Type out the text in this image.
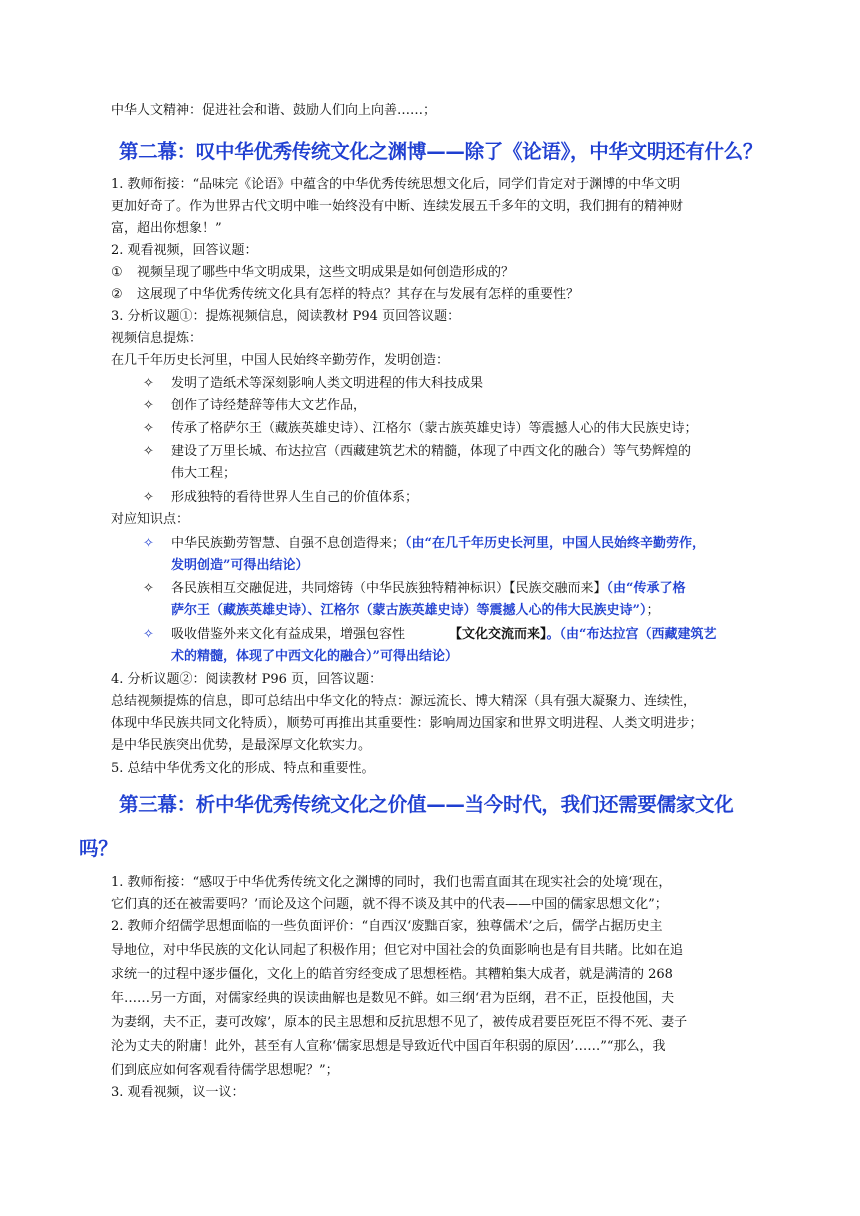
中华人文精神：促进社会和谐、鼓励人们向上向善……；
第二幕：叹中华优秀传统文化之渊博——除了《论语》，中华文明还有什么？
1. 教师衔接：“品味完《论语》中蕴含的中华优秀传统思想文化后，同学们肯定对于渊博的中华文明
更加好奇了。作为世界古代文明中唯一始终没有中断、连续发展五千多年的文明，我们拥有的精神财
富，超出你想象！”
2. 观看视频，回答议题：
① 视频呈现了哪些中华文明成果，这些文明成果是如何创造形成的？
② 这展现了中华优秀传统文化具有怎样的特点？其存在与发展有怎样的重要性？
3. 分析议题①：提炼视频信息，阅读教材 P94 页回答议题：
视频信息提炼：
在几千年历史长河里，中国人民始终辛勤劳作，发明创造：
✧ 发明了造纸术等深刻影响人类文明进程的伟大科技成果
✧ 创作了诗经楚辞等伟大文艺作品，
✧ 传承了格萨尔王（藏族英雄史诗）、江格尔（蒙古族英雄史诗）等震撼人心的伟大民族史诗；
✧ 建设了万里长城、布达拉宫（西藏建筑艺术的精髓，体现了中西文化的融合）等气势辉煌的
伟大工程；
✧ 形成独特的看待世界人生自己的价值体系；
对应知识点：
✧ 中华民族勤劳智慧、自强不息创造得来；（由“在几千年历史长河里，中国人民始终辛勤劳作，
发明创造”可得出结论）
✧ 各民族相互交融促进，共同熔铸（中华民族独特精神标识）【民族交融而来】（由“传承了格
萨尔王（藏族英雄史诗）、江格尔（蒙古族英雄史诗）等震撼人心的伟大民族史诗”）；
✧ 吸收借鉴外来文化有益成果，增强包容性	【文化交流而来】。（由“布达拉宫（西藏建筑艺
术的精髓，体现了中西文化的融合）”可得出结论）
4. 分析议题②：阅读教材 P96 页，回答议题：
总结视频提炼的信息，即可总结出中华文化的特点：源远流长、博大精深（具有强大凝聚力、连续性，
体现中华民族共同文化特质），顺势可再推出其重要性：影响周边国家和世界文明进程、人类文明进步；
是中华民族突出优势，是最深厚文化软实力。
5. 总结中华优秀文化的形成、特点和重要性。
第三幕：析中华优秀传统文化之价值——当今时代，我们还需要儒家文化
吗？
1. 教师衔接：“感叹于中华优秀传统文化之渊博的同时，我们也需直面其在现实社会的处境‘现在，
它们真的还在被需要吗？’而论及这个问题，就不得不谈及其中的代表——中国的儒家思想文化”；
2. 教师介绍儒学思想面临的一些负面评价：“自西汉‘废黜百家，独尊儒术’之后，儒学占据历史主
导地位，对中华民族的文化认同起了积极作用；但它对中国社会的负面影响也是有目共睹。比如在追
求统一的过程中逐步僵化，文化上的皓首穷经变成了思想桎梏。其糟粕集大成者，就是满清的 268
年……另一方面，对儒家经典的误读曲解也是数见不鲜。如三纲‘君为臣纲，君不正，臣投他国，夫
为妻纲，夫不正，妻可改嫁’，原本的民主思想和反抗思想不见了，被传成君要臣死臣不得不死、妻子
沦为丈夫的附庸！此外，甚至有人宣称‘儒家思想是导致近代中国百年积弱的原因’……”“那么，我
们到底应如何客观看待儒学思想呢？”；
3. 观看视频，议一议：
